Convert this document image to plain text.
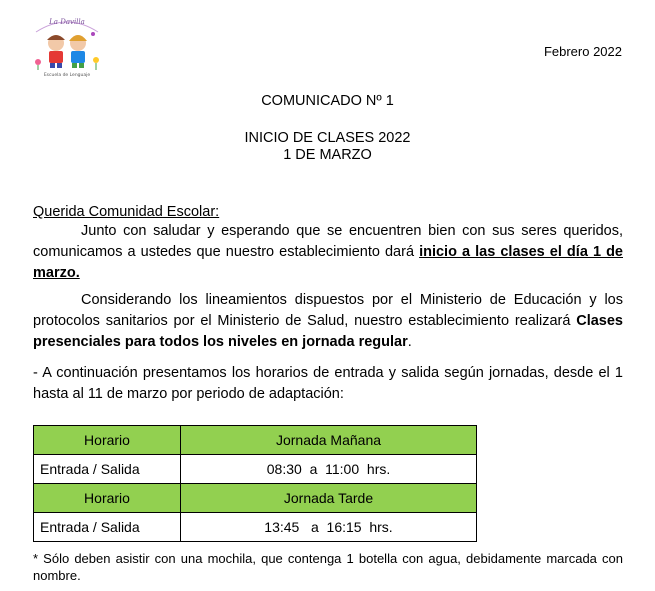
La Davilla
Escuela de Lenguaje
Febrero 2022
COMUNICADO Nº 1
INICIO DE CLASES 2022
1 DE MARZO
Querida Comunidad Escolar:
Junto con saludar y esperando que se encuentren bien con sus seres queridos, comunicamos a ustedes que nuestro establecimiento dará inicio a las clases el día 1 de marzo.
Considerando los lineamientos dispuestos por el Ministerio de Educación y los protocolos sanitarios por el Ministerio de Salud, nuestro establecimiento realizará Clases presenciales para todos los niveles en jornada regular.
- A continuación presentamos los horarios de entrada y salida según jornadas, desde el 1 hasta al 11 de marzo por periodo de adaptación:
Horario	Jornada Mañana
Entrada / Salida	08:30  a  11:00  hrs.
Horario	Jornada Tarde
Entrada / Salida	13:45   a  16:15  hrs.
* Sólo deben asistir con una mochila, que contenga 1 botella con agua, debidamente marcada con nombre.
